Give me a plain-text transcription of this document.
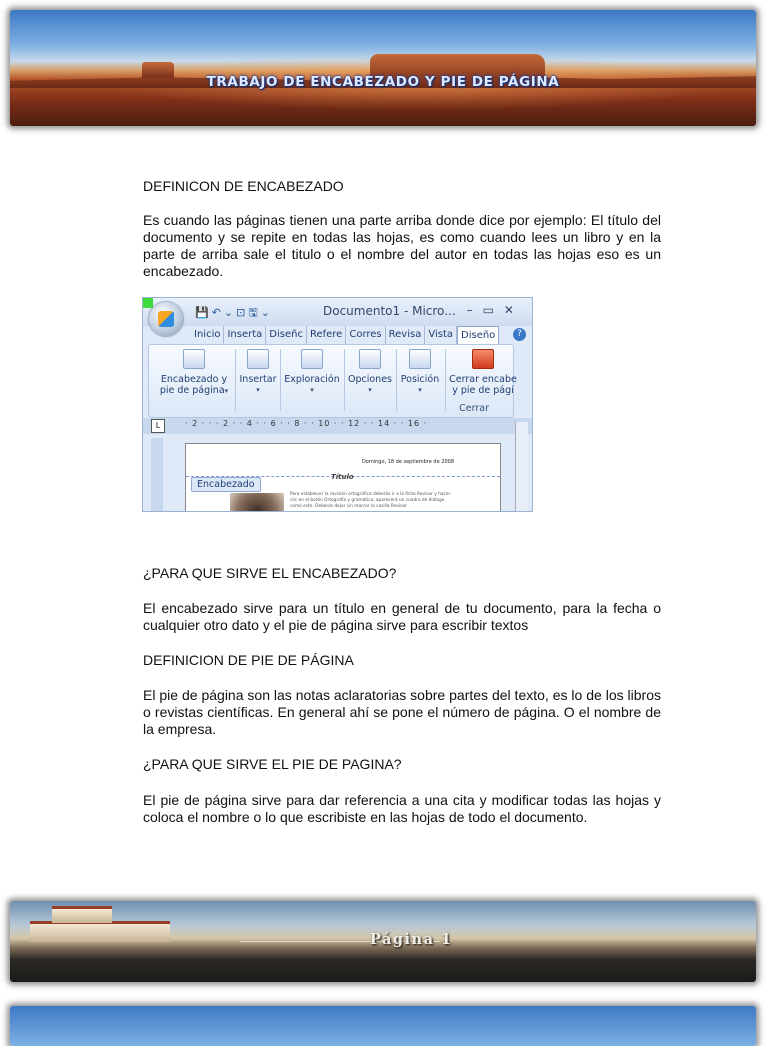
TRABAJO DE ENCABEZADO Y PIE DE PÁGINA
DEFINICON DE ENCABEZADO
Es cuando las páginas tienen una parte arriba donde dice por ejemplo: El título del documento y se repite en todas las hojas, es como cuando lees un libro y en la parte de arriba sale el titulo o el nombre del autor en todas las hojas eso es un encabezado.
💾↶⌄⊡🖫⌄	Documento1 - Micro... –▭✕
Inicio Inserta Diseñc Refere Corres Revisa Vista Diseño	?
Encabezado y
pie de página▾
Insertar
▾
Exploración
▾
Opciones
▾
Posición
▾
Cerrar encabe
y pie de pági
Cerrar
L	· 2 · · · 2 · · 4 · · 6 · · 8 · · 10 · · 12 · · 14 · · 16 ·
Domingo, 18 de septiembre de 2008
Título
Encabezado
Para establecer la revisión ortográfica deberás ir a la ficha Revisar y hacer clic en el botón Ortografía y gramática, aparecerá un cuadro de diálogo como este. Deberás dejar sin marcar la casilla Revisar
¿PARA QUE SIRVE EL ENCABEZADO?
El encabezado sirve para un título en general de tu documento, para la fecha o cualquier otro dato y el pie de página sirve para escribir textos
DEFINICION DE PIE DE PÁGINA
El pie de página son las notas aclaratorias sobre partes del texto, es lo de los libros o revistas científicas. En general ahí se pone el número de página. O el nombre de la empresa.
¿PARA QUE SIRVE EL PIE DE PAGINA?
El pie de página sirve para dar referencia a una cita y modificar todas las hojas y coloca el nombre o lo que escribiste en las hojas de todo el documento.
Página 1
